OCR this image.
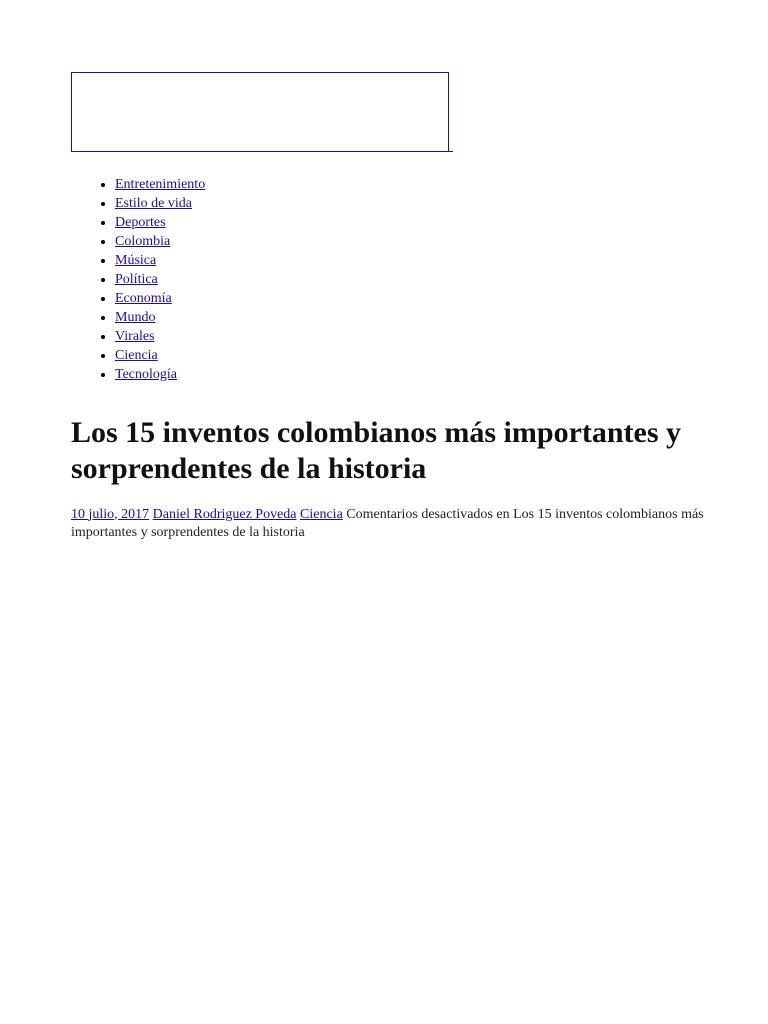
• Entretenimiento
• Estilo de vida
• Deportes
• Colombia
• Música
• Política
• Economía
• Mundo
• Virales
• Ciencia
• Tecnología
Los 15 inventos colombianos más importantes y sorprendentes de la historia
10 julio, 2017 Daniel Rodriguez Poveda Ciencia Comentarios desactivados en Los 15 inventos colombianos más importantes y sorprendentes de la historia
